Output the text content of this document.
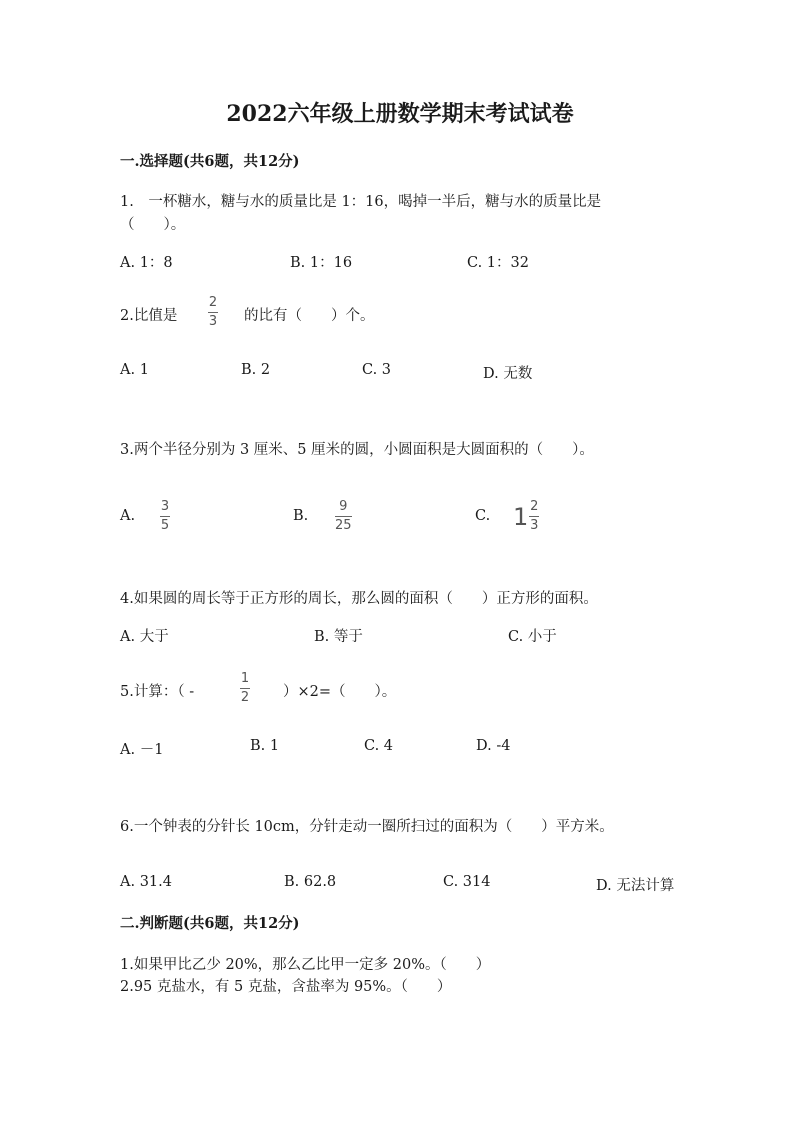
2022六年级上册数学期末考试试卷
一.选择题(共6题，共12分)
1.　一杯糖水，糖与水的质量比是 1：16，喝掉一半后，糖与水的质量比是
（　　）。
A. 1：8	B. 1：16	C. 1：32
2.比值是
2
3 的比有（　　）个。
A. 1	B. 2	C. 3	D. 无数
3.两个半径分别为 3 厘米、5 厘米的圆，小圆面积是大圆面积的（　　）。
A.
3
5
B.
9
25
C. $1 \frac{2}{3}$
4.如果圆的周长等于正方形的周长，那么圆的面积（　　）正方形的面积。
A. 大于	B. 等于	C. 小于
5.计算：（ -
1
2 ）×2=（　　）。
A. －1	B. 1	C. 4	D. -4
6.一个钟表的分针长 10cm，分针走动一圈所扫过的面积为（　　）平方米。
A. 31.4	B. 62.8	C. 314	D. 无法计算
二.判断题(共6题，共12分)
1.如果甲比乙少 20%，那么乙比甲一定多 20%。（　　）
2.95 克盐水，有 5 克盐，含盐率为 95%。（　　）
